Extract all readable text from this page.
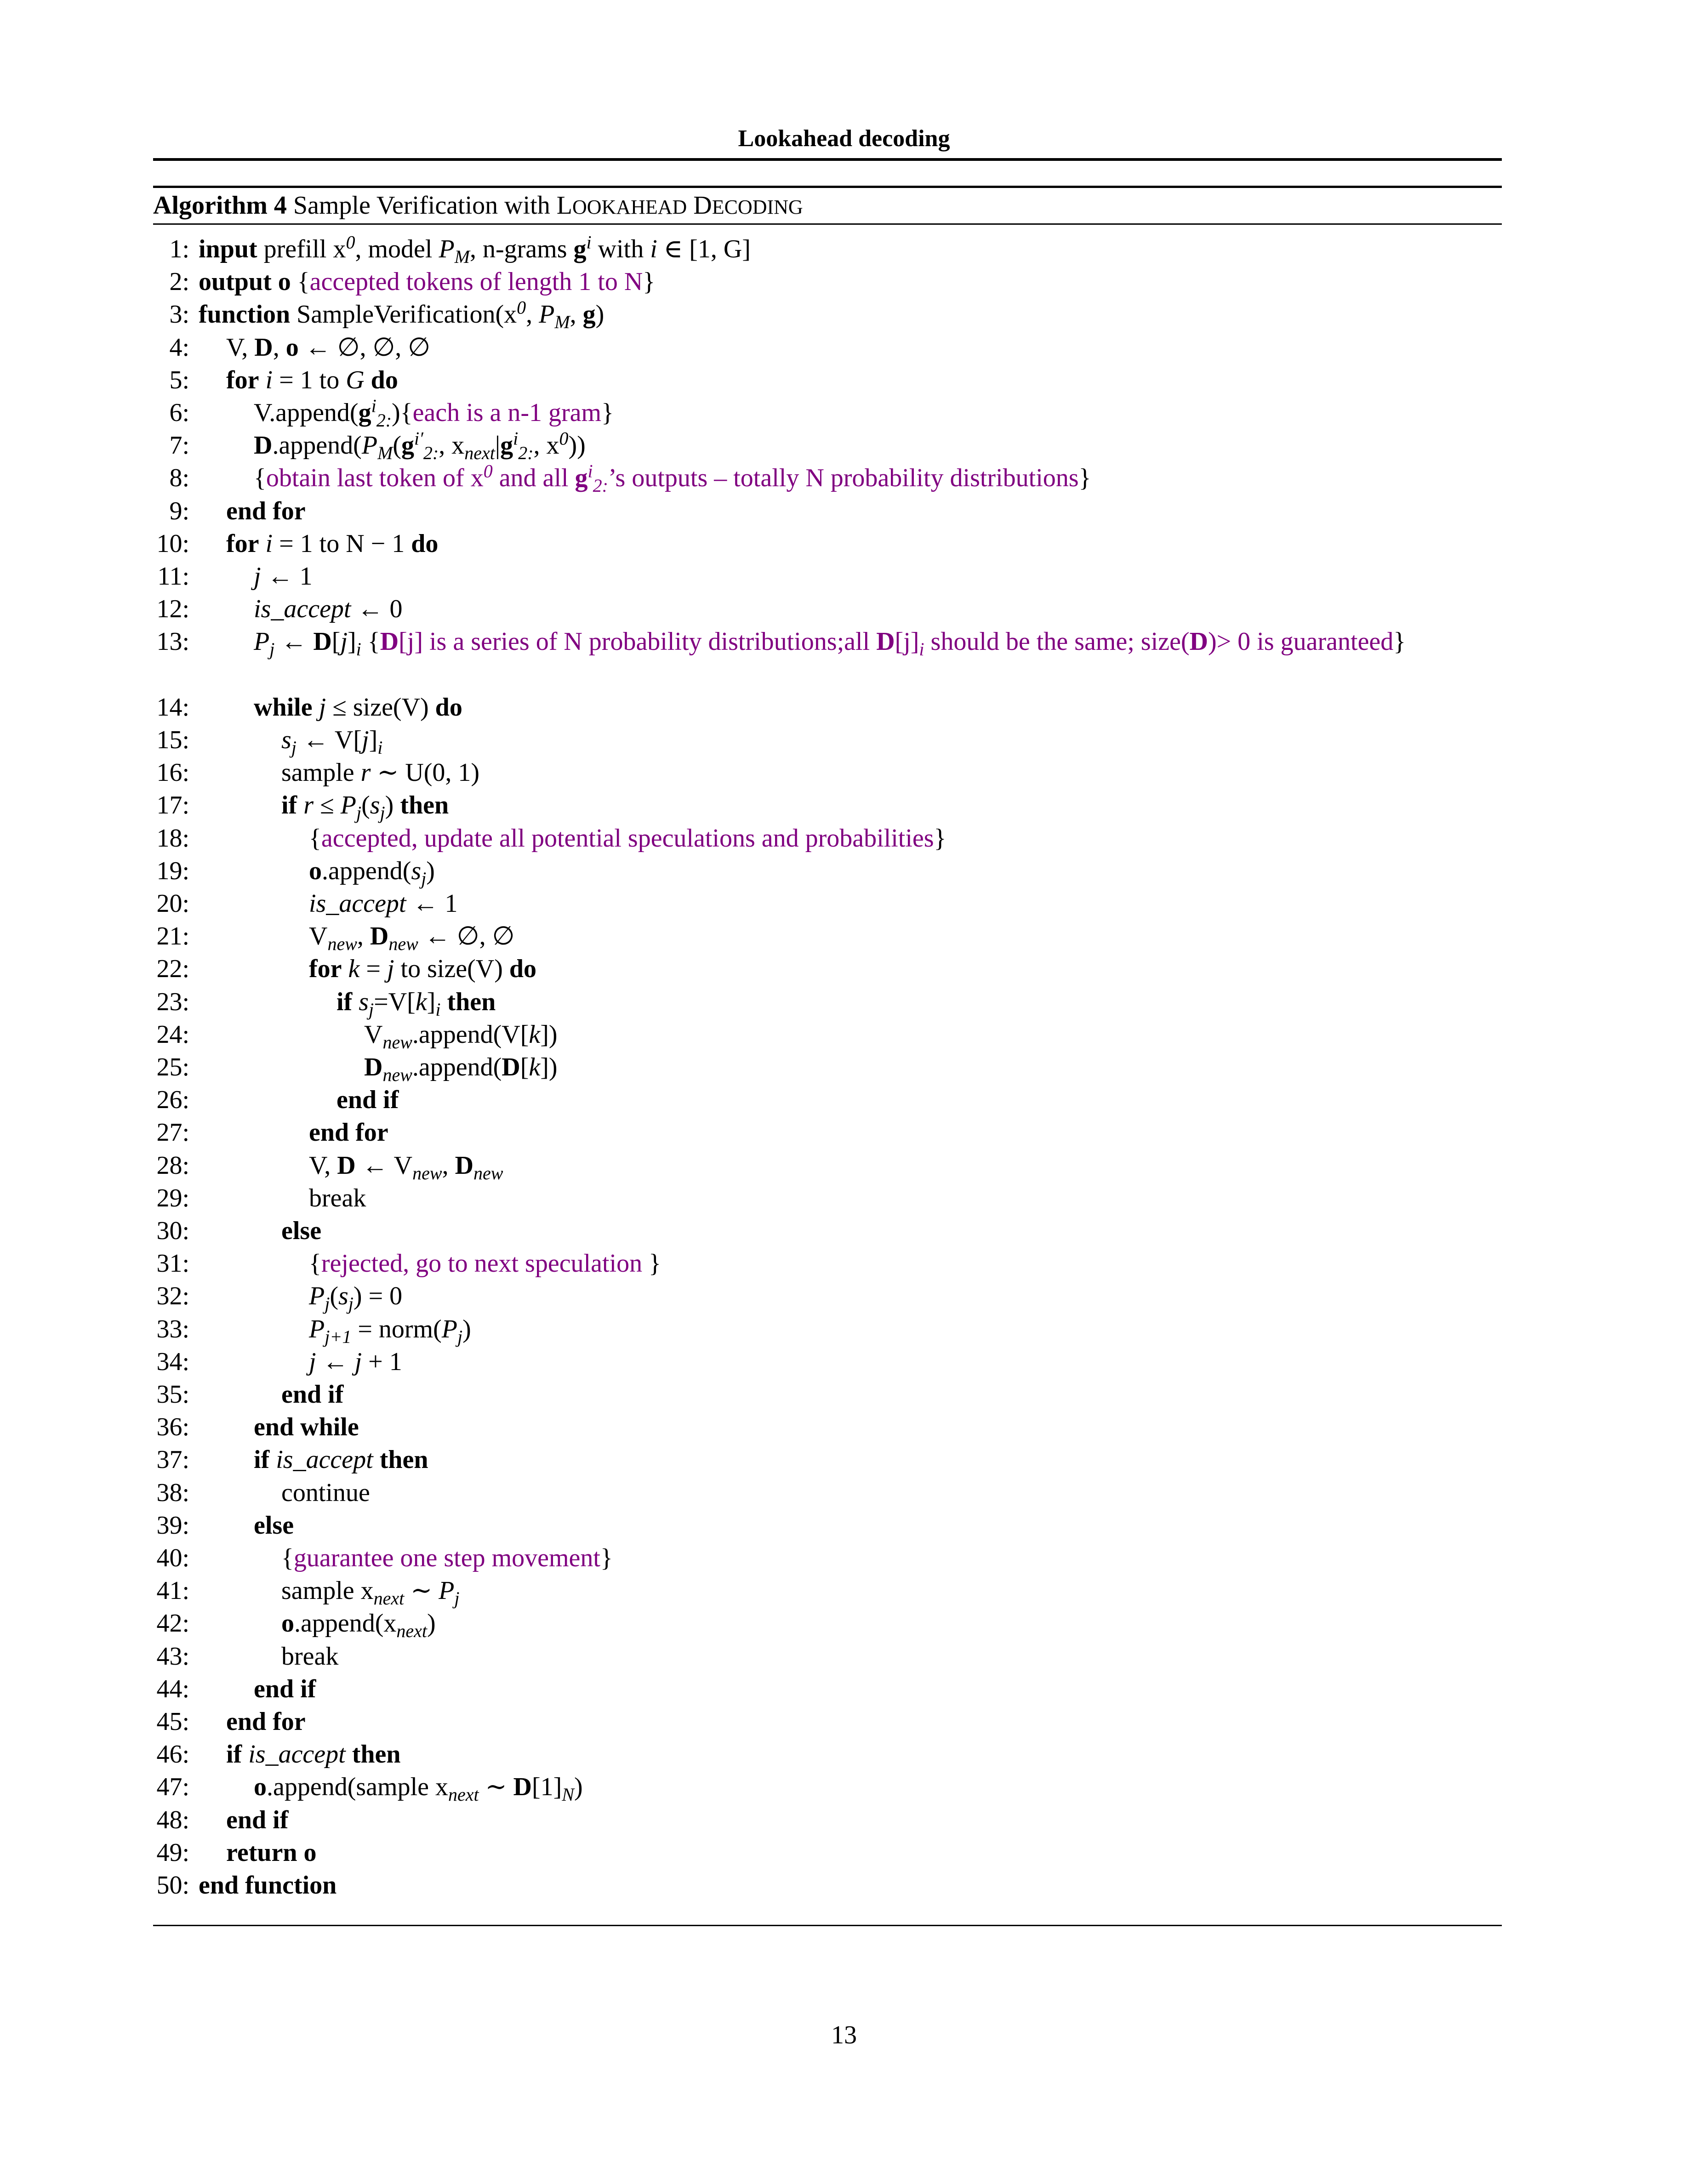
Lookahead decoding
Algorithm 4 Sample Verification with LOOKAHEAD DECODING
1: input prefill $x^0$, model $P_M$, n-grams $g^i$ with i ∈ [1, G]
2: output o {accepted tokens of length 1 to N}
3: function $SampleVerification(x^0$, $P_M$, g)
4: V, D, o ← ∅, ∅, ∅
5: for i = 1 to G do
6:	$V.append(g^i_{2:})\{each$ is a n-1 gram}
7:	$D.append(P_M(g^{i'}_{2:}$, $x_{next}|g^i_{2:}$, $x^0$))
8:	{obtain last token of $x^0$ and all $g^i_{2:}’s$ outputs – totally N probability distributions}
9: end for
10: for i = 1 to N − 1 do
11:	j ← 1
12:	is_accept ← 0
13:	$P_j$ ← $D[j]_i$ {D[j] is a series of N probability distributions;all $D[j]_i$ should be the same; size(D)> 0 is guaranteed}
14:	while j ≤ size(V) do
15:	$s_j$ ← $V[j]_i$
16:	sample r ∼ U(0, 1)
17:	if $r \le P_j(s_j)$ then
18:	{accepted, update all potential speculations and probabilities}
19:	$o.append(s_j)$
20:	is_accept ← 1
21:	$V_{new}$, $D_{new}$ ← ∅, ∅
22:	for k = j to size(V) do
23:	if $s_j=V[k]_i$ then
24:	$V_{new}.append(V[k])$
25:	$D_{new}.append(D[k])$
26:	end if
27:	end for
28:	V, D ← $V_{new}$, $D_{new}$
29:	break
30:	else
31:	{rejected, go to next speculation }
32:	$P_j(s_j) = 0$
33:	$P_{j+1}$ = $norm(P_j)$
34:	j ← j + 1
35:	end if
36:	end while
37:	if is_accept then
38:	continue
39:	else
40:	{guarantee one step movement}
41:	sample $x_{next}$ ∼ $P_j$
42:	$o.append(x_{next})$
43:	break
44:	end if
45: end for
46: if is_accept then
47:	o.append(sample $x_{next}$ ∼ $D[1]_N$)
48: end if
49: return o
50: end function
13
